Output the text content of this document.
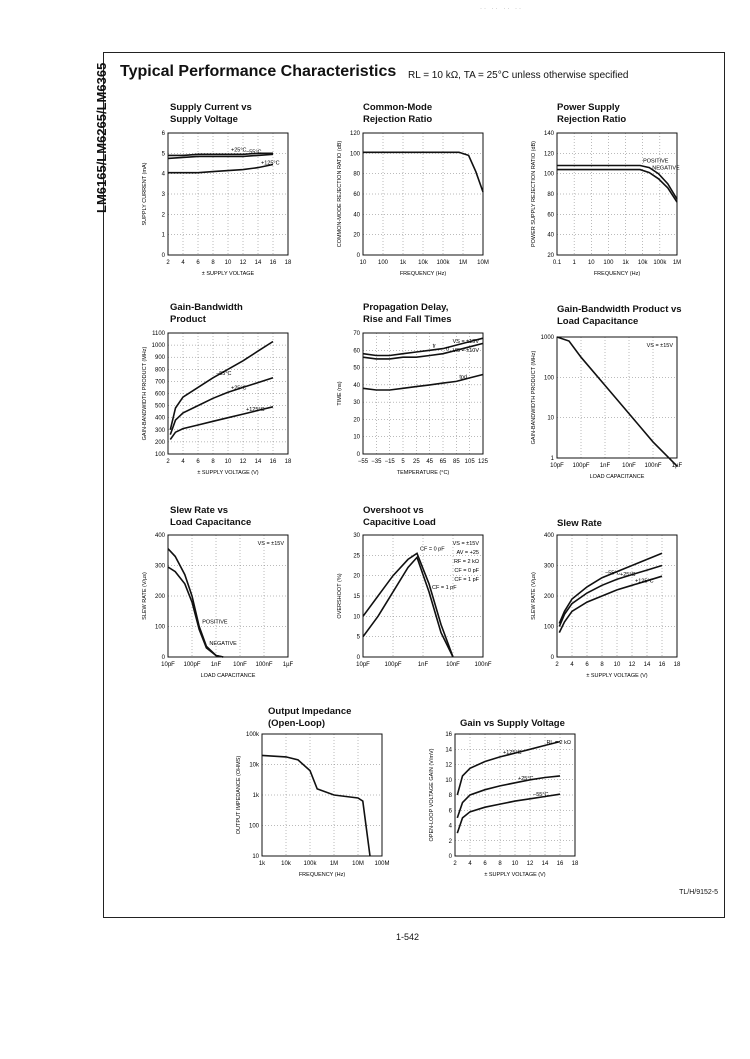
·· ·· ·· ··
LM6165/LM6265/LM6365 Typical Performance Characteristics RL = 10 kΩ, TA = 25°C unless otherwise specified
2 4 6 8 10 12 14 16 18
0
1
2
3
4
5
6
± SUPPLY VOLTAGE
SUPPLY CURRENT (mA)
+25°C −55°C
+125°C
10 100 1k 10k 100k 1M 10M
0
20
40
60
80
100
120
FREQUENCY (Hz)
COMMON-MODE REJECTION RATIO (dB)
0.1 1 10 100 1k 10k 100k 1M
20
40
60
80
100
120
140
FREQUENCY (Hz)
POWER SUPPLY REJECTION RATIO (dB)	POSITIVE
NEGATIVE
2 4 6 8 10 12 14 16 18
100
200
300
400
500
600
700
800
900
1000
1100
± SUPPLY VOLTAGE (V)
GAIN-BANDWIDTH PRODUCT (MHz)	−55°C
+25°C
+125°C
−55 −35 −15 5 25 45 65 85 105 125
0
10
20
30
40
50
60
70
TEMPERATURE (°C)
TIME (ns)
tr
tf
tpd
VS = ±15V
VS = ±10V
10pF 100pF 1nF 10nF 100nF 1µF
1
10
100
1000
LOAD CAPACITANCE
GAIN-BANDWIDTH PRODUCT (MHz)
VS = ±15V
10pF 100pF 1nF 10nF 100nF 1µF
0
100
200
300
400
LOAD CAPACITANCE
SLEW RATE (V/µs)
POSITIVE
NEGATIVE
VS = ±15V
10pF 100pF	1nF	10nF 100nF
0
5
10
15
20
25
30
OVERSHOOT (%)
CF = 0 pF
CF = 1 pF
VS = ±15V
AV = +25
RF = 2 kΩ
CF = 0 pF
CF = 1 pF
2 4 6 8 10 12 14 16 18
0
100
200
300
400
± SUPPLY VOLTAGE (V)
SLEW RATE (V/µs)	−55°C +25°C
+125°C
1k	10k 100k 1M 10M 100M
10
100
1k
10k
100k
FREQUENCY (Hz)
OUTPUT IMPEDANCE (OHMS)
2 4 6 8 10 12 14 16 18
0
2
4
6
8
10
12
14
16
± SUPPLY VOLTAGE (V)
OPEN-LOOP VOLTAGE GAIN (V/mV)	+125°C
+25°C
−55°C
RL = 2 kΩ
Supply Current vs
Supply Voltage
Common-Mode
Rejection Ratio
Power Supply
Rejection Ratio
Gain-Bandwidth
Product
Propagation Delay,
Rise and Fall Times
Gain-Bandwidth Product vs
Load Capacitance
Slew Rate vs
Load Capacitance
Overshoot vs
Capacitive Load	Slew Rate
Output Impedance
(Open-Loop)	Gain vs Supply Voltage
TL/H/9152-5
1-542
